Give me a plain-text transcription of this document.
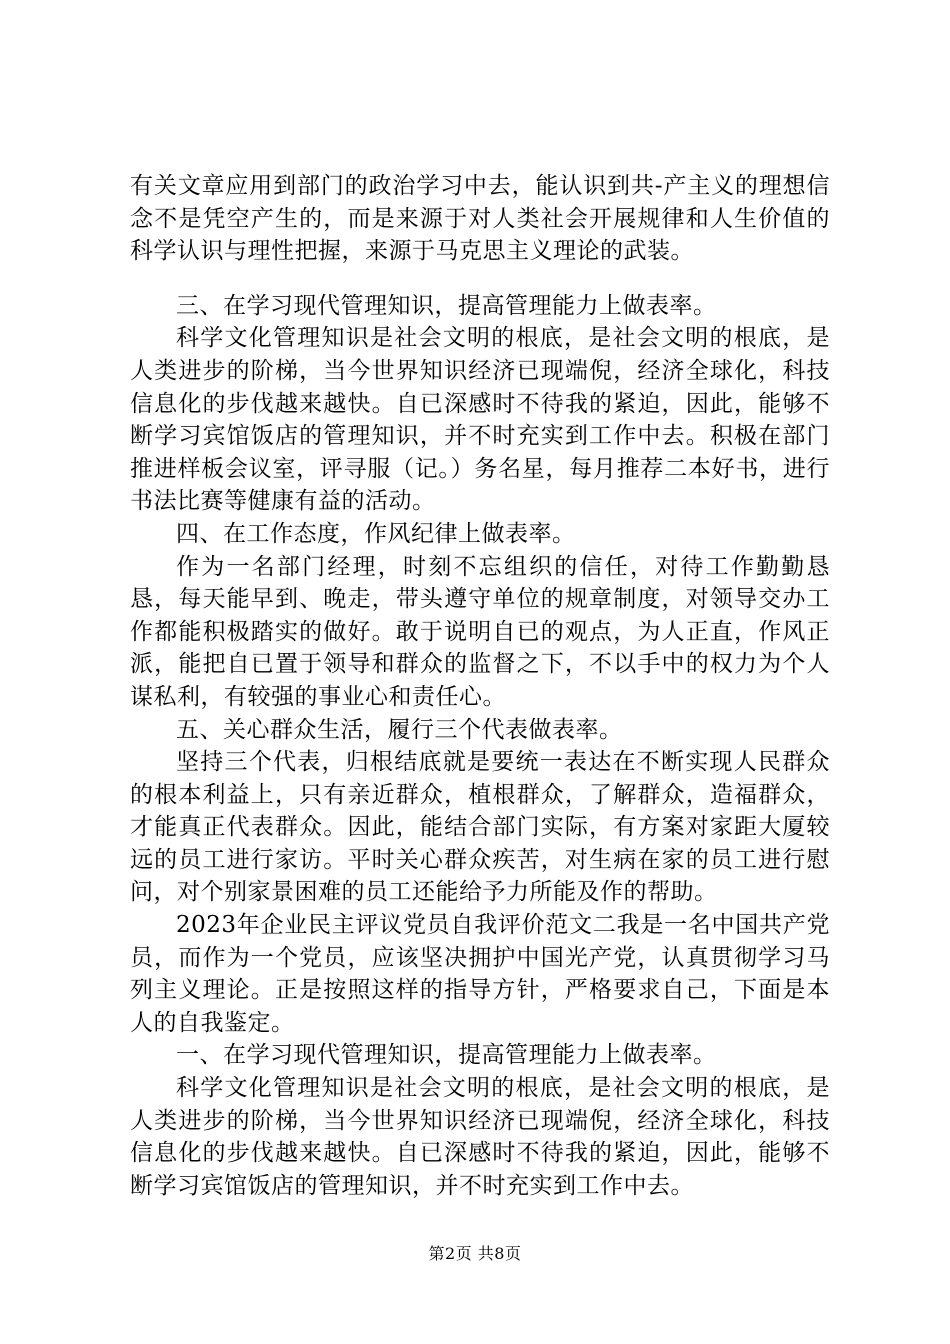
有关文章应用到部门的政治学习中去，能认识到共-产主义的理想信念不是凭空产生的，而是来源于对人类社会开展规律和人生价值的科学认识与理性把握，来源于马克思主义理论的武装。

三、在学习现代管理知识，提高管理能力上做表率。

科学文化管理知识是社会文明的根底，是社会文明的根底，是人类进步的阶梯，当今世界知识经济已现端倪，经济全球化，科技信息化的步伐越来越快。自已深感时不待我的紧迫，因此，能够不断学习宾馆饭店的管理知识，并不时充实到工作中去。积极在部门推进样板会议室，评寻服（记。）务名星，每月推荐二本好书，进行书法比赛等健康有益的活动。

四、在工作态度，作风纪律上做表率。

作为一名部门经理，时刻不忘组织的信任，对待工作勤勤恳恳，每天能早到、晚走，带头遵守单位的规章制度，对领导交办工作都能积极踏实的做好。敢于说明自已的观点，为人正直，作风正派，能把自已置于领导和群众的监督之下，不以手中的权力为个人谋私利，有较强的事业心和责任心。

五、关心群众生活，履行三个代表做表率。

坚持三个代表，归根结底就是要统一表达在不断实现人民群众的根本利益上，只有亲近群众，植根群众，了解群众，造福群众，才能真正代表群众。因此，能结合部门实际，有方案对家距大厦较远的员工进行家访。平时关心群众疾苦，对生病在家的员工进行慰问，对个别家景困难的员工还能给予力所能及作的帮助。

2023年企业民主评议党员自我评价范文二我是一名中国共产党员，而作为一个党员，应该坚决拥护中国光产党，认真贯彻学习马列主义理论。正是按照这样的指导方针，严格要求自己，下面是本人的自我鉴定。

一、在学习现代管理知识，提高管理能力上做表率。

科学文化管理知识是社会文明的根底，是社会文明的根底，是人类进步的阶梯，当今世界知识经济已现端倪，经济全球化，科技信息化的步伐越来越快。自已深感时不待我的紧迫，因此，能够不断学习宾馆饭店的管理知识，并不时充实到工作中去。

第2页 共8页
